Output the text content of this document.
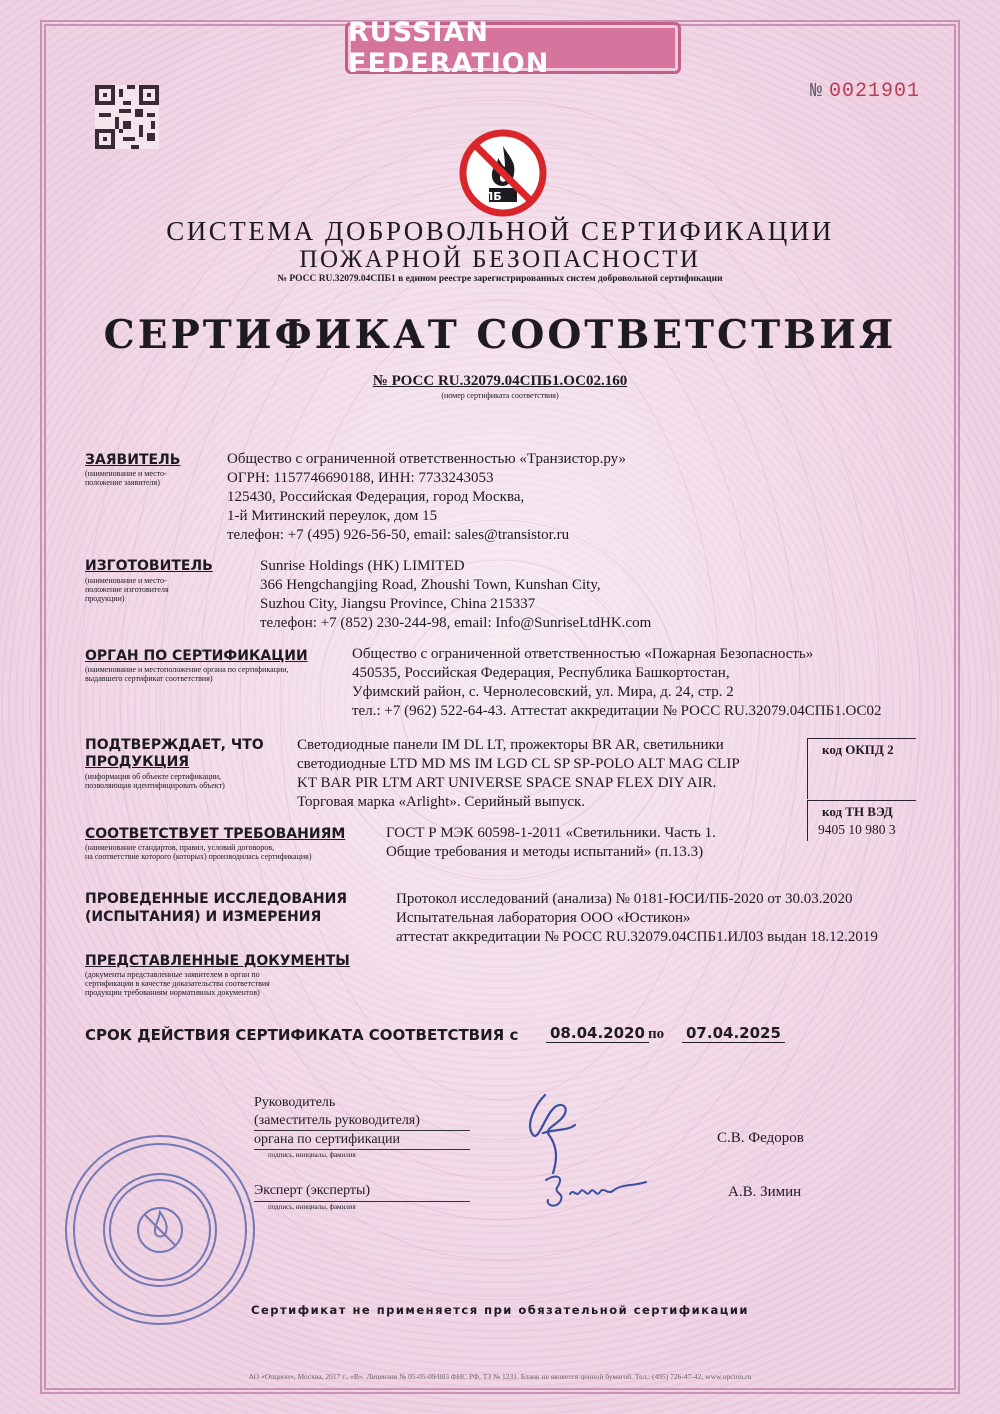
RUSSIAN FEDERATION
№ 0021901
ПБ
СИСТЕМА ДОБРОВОЛЬНОЙ СЕРТИФИКАЦИИ
ПОЖАРНОЙ БЕЗОПАСНОСТИ
№ РОСС RU.32079.04СПБ1 в едином реестре зарегистрированных систем добровольной сертификации
СЕРТИФИКАТ СООТВЕТСТВИЯ
№ РОСС RU.32079.04СПБ1.ОС02.160
(номер сертификата соответствия)
ЗАЯВИТЕЛЬ
(наименование и место-
положение заявителя)
Общество с ограниченной ответственностью «Транзистор.ру»
ОГРН: 1157746690188, ИНН: 7733243053
125430, Российская Федерация, город Москва,
1-й Митинский переулок, дом 15
телефон: +7 (495) 926-56-50, email: sales@transistor.ru
ИЗГОТОВИТЕЛЬ
(наименование и место-
положение изготовителя
продукции)
Sunrise Holdings (HK) LIMITED
366 Hengchangjing Road, Zhoushi Town, Kunshan City,
Suzhou City, Jiangsu Province, China 215337
телефон: +7 (852) 230-244-98, email: Info@SunriseLtdHK.com
ОРГАН ПО СЕРТИФИКАЦИИ
(наименование и местоположение органа по сертификации,
выдавшего сертификат соответствия)
Общество с ограниченной ответственностью «Пожарная Безопасность»
450535, Российская Федерация, Республика Башкортостан,
Уфимский район, с. Чернолесовский, ул. Мира, д. 24, стр. 2
тел.: +7 (962) 522-64-43. Аттестат аккредитации № РОСС RU.32079.04СПБ1.ОС02
ПОДТВЕРЖДАЕТ, ЧТО
ПРОДУКЦИЯ
(информация об объекте сертификации,
позволяющая идентифицировать объект)
Светодиодные панели IM DL LT, прожекторы BR AR, светильники
светодиодные LTD MD MS IM LGD CL SP SP-POLO ALT MAG CLIP
KT BAR PIR LTM ART UNIVERSE SPACE SNAP FLEX DIY AIR.
Торговая марка «Arlight». Серийный выпуск.
код ОКПД 2
код ТН ВЭД
9405 10 980 3
СООТВЕТСТВУЕТ ТРЕБОВАНИЯМ
(наименование стандартов, правил, условий договоров,
на соответствие которого (которых) производилась сертификация)
ГОСТ Р МЭК 60598-1-2011 «Светильники. Часть 1.
Общие требования и методы испытаний» (п.13.3)
ПРОВЕДЕННЫЕ ИССЛЕДОВАНИЯ
(ИСПЫТАНИЯ) И ИЗМЕРЕНИЯ
Протокол исследований (анализа) № 0181-ЮСИ/ПБ-2020 от 30.03.2020
Испытательная лаборатория ООО «Юстикон»
аттестат аккредитации № РОСС RU.32079.04СПБ1.ИЛ03 выдан 18.12.2019
ПРЕДСТАВЛЕННЫЕ ДОКУМЕНТЫ
(документы представленные заявителем в орган по
сертификации в качестве доказательства соответствия
продукции требованиям нормативных документов)
СРОК ДЕЙСТВИЯ СЕРТИФИКАТА СООТВЕТСТВИЯ с 08.04.2020 по 07.04.2025
Руководитель
(заместитель руководителя)
органа по сертификации
подпись, инициалы, фамилия
С.В. Федоров
Эксперт (эксперты)
подпись, инициалы, фамилия
А.В. Зимин
Сертификат не применяется при обязательной сертификации
АО «Опцион», Москва, 2017 г., «В». Лицензия № 05-05-09/003 ФНС РФ, ТЗ № 1231. Бланк не является ценной бумагой. Тел.: (495) 726-47-42, www.opcion.ru
